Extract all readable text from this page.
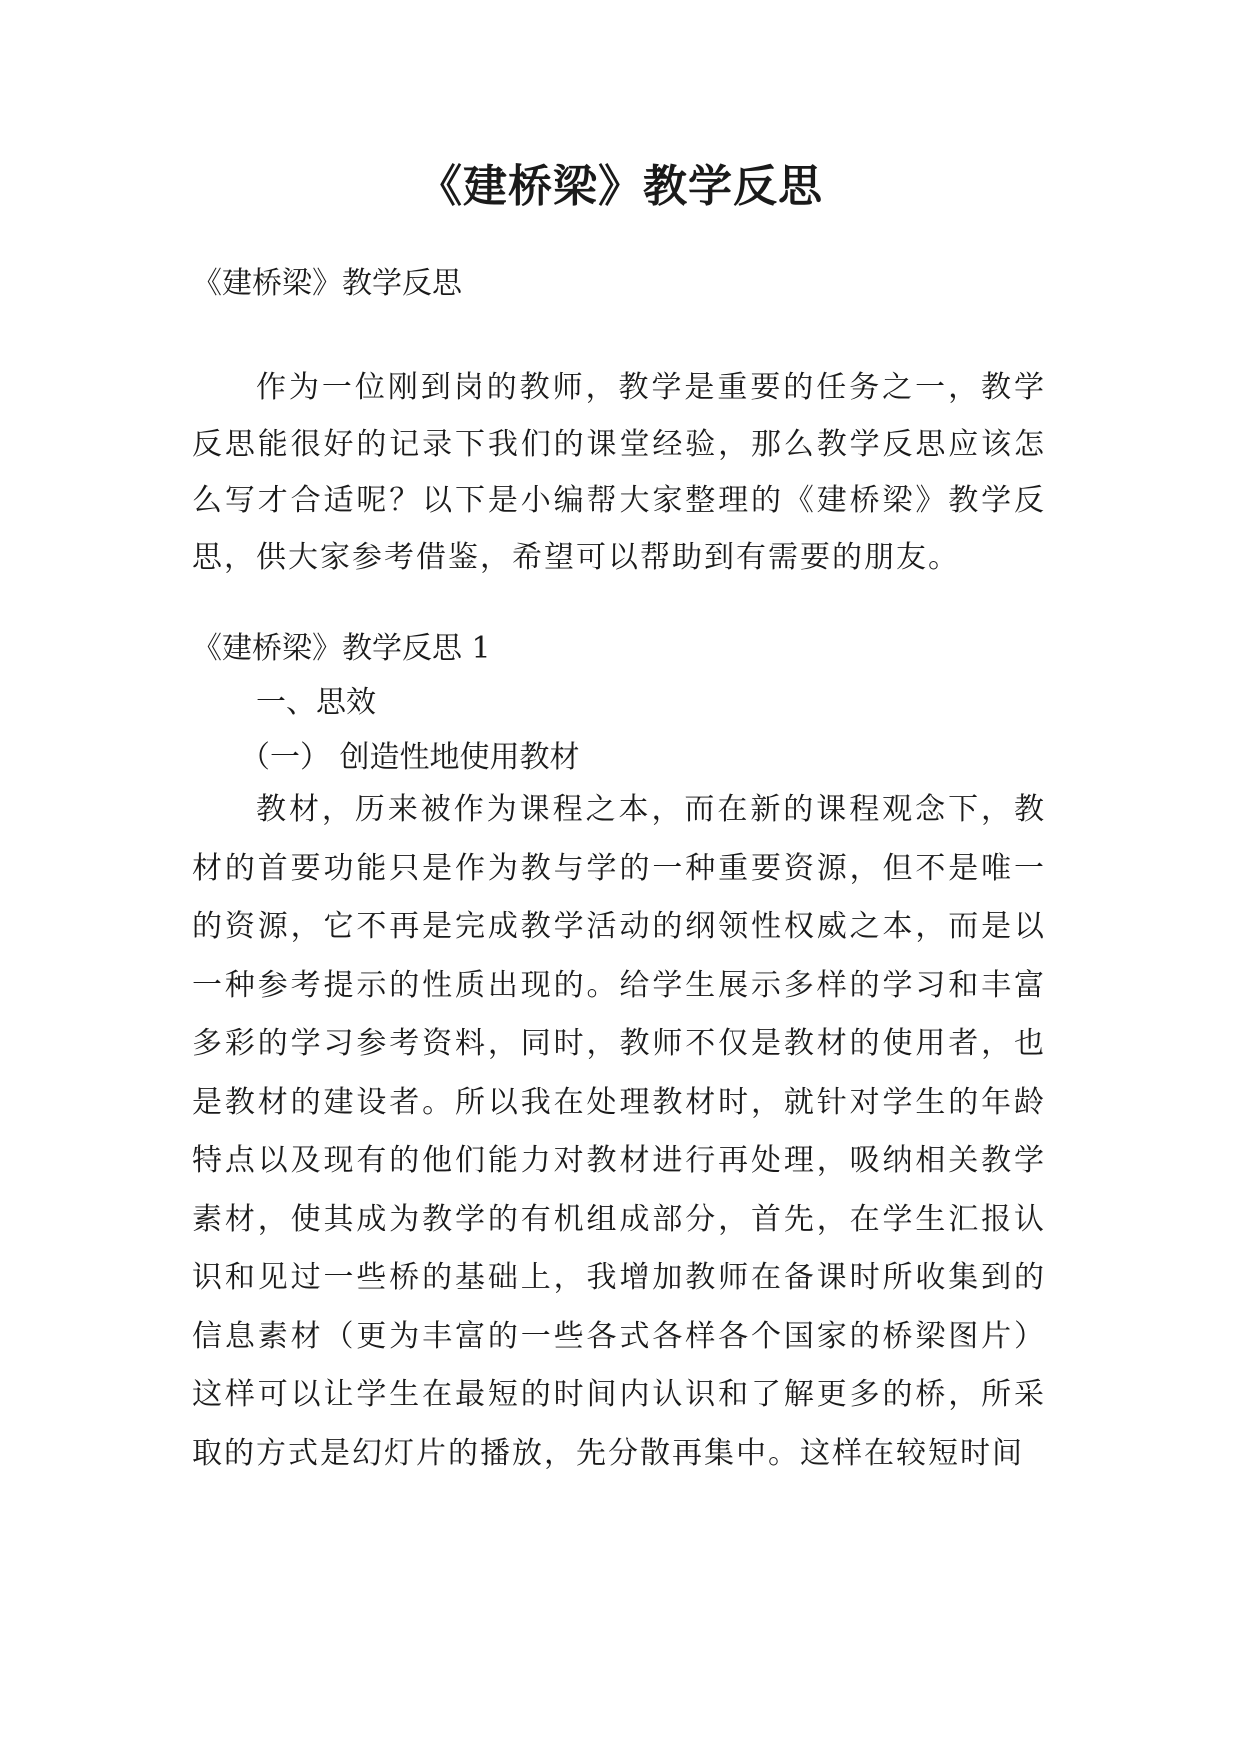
《建桥梁》教学反思

《建桥梁》教学反思

作为一位刚到岗的教师，教学是重要的任务之一，教学反思能很好的记录下我们的课堂经验，那么教学反思应该怎么写才合适呢？以下是小编帮大家整理的《建桥梁》教学反思，供大家参考借鉴，希望可以帮助到有需要的朋友。

《建桥梁》教学反思 1

一、思效

（一） 创造性地使用教材

教材，历来被作为课程之本，而在新的课程观念下，教材的首要功能只是作为教与学的一种重要资源，但不是唯一的资源，它不再是完成教学活动的纲领性权威之本，而是以一种参考提示的性质出现的。给学生展示多样的学习和丰富多彩的学习参考资料，同时，教师不仅是教材的使用者，也是教材的建设者。所以我在处理教材时，就针对学生的年龄特点以及现有的他们能力对教材进行再处理，吸纳相关教学素材，使其成为教学的有机组成部分，首先，在学生汇报认识和见过一些桥的基础上，我增加教师在备课时所收集到的信息素材（更为丰富的一些各式各样各个国家的桥梁图片）这样可以让学生在最短的时间内认识和了解更多的桥，所采取的方式是幻灯片的播放，先分散再集中。这样在较短时间
